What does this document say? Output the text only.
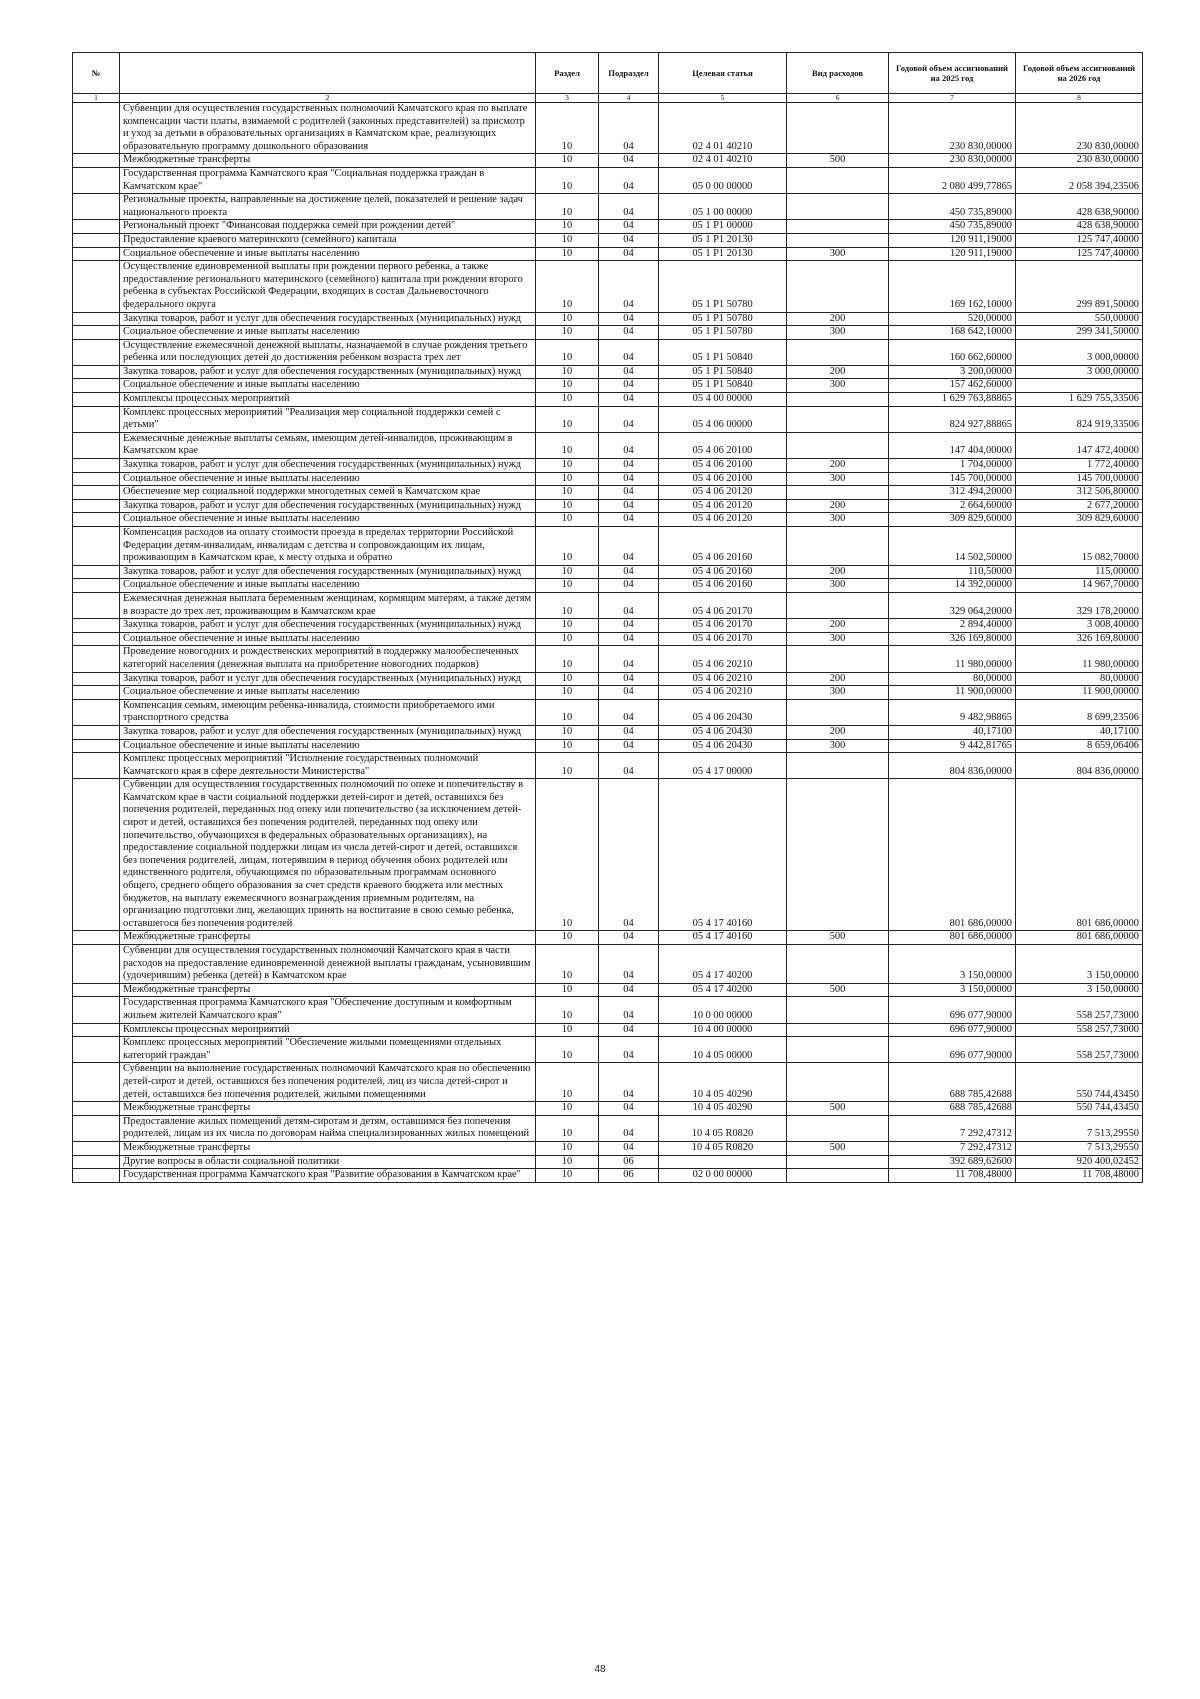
№		Раздел	Подраздел	Целевая статья	Вид расходов	Годовой объем ассигнований на 2025 год	Годовой объем ассигнований на 2026 год
1	2	3	4	5	6	7	8
	Субвенции для осуществления государственных полномочий Камчатского края по выплате компенсации части платы, взимаемой с родителей (законных представителей) за присмотр и уход за детьми в образовательных организациях в Камчатском крае, реализующих образовательную программу дошкольного образования	10	04	02 4 01 40210		230 830,00000	230 830,00000
	Межбюджетные трансферты	10	04	02 4 01 40210	500	230 830,00000	230 830,00000
	Государственная программа Камчатского края "Социальная поддержка граждан в Камчатском крае"	10	04	05 0 00 00000		2 080 499,77865	2 058 394,23506
	Региональные проекты, направленные на достижение целей, показателей и решение задач национального проекта	10	04	05 1 00 00000		450 735,89000	428 638,90000
	Региональный проект "Финансовая поддержка семей при рождении детей"	10	04	05 1 P1 00000		450 735,89000	428 638,90000
	Предоставление краевого материнского (семейного) капитала	10	04	05 1 P1 20130		120 911,19000	125 747,40000
	Социальное обеспечение и иные выплаты населению	10	04	05 1 P1 20130	300	120 911,19000	125 747,40000
	Осуществление единовременной выплаты при рождении первого ребенка, а также предоставление регионального материнского (семейного) капитала при рождении второго ребенка в субъектах Российской Федерации, входящих в состав Дальневосточного федерального округа	10	04	05 1 P1 50780		169 162,10000	299 891,50000
	Закупка товаров, работ и услуг для обеспечения государственных (муниципальных) нужд	10	04	05 1 P1 50780	200	520,00000	550,00000
	Социальное обеспечение и иные выплаты населению	10	04	05 1 P1 50780	300	168 642,10000	299 341,50000
	Осуществление ежемесячной денежной выплаты, назначаемой в случае рождения третьего ребенка или последующих детей до достижения ребенком возраста трех лет	10	04	05 1 P1 50840		160 662,60000	3 000,00000
	Закупка товаров, работ и услуг для обеспечения государственных (муниципальных) нужд	10	04	05 1 P1 50840	200	3 200,00000	3 000,00000
	Социальное обеспечение и иные выплаты населению	10	04	05 1 P1 50840	300	157 462,60000	
	Комплексы процессных мероприятий	10	04	05 4 00 00000		1 629 763,88865	1 629 755,33506
	Комплекс процессных мероприятий "Реализация мер социальной поддержки семей с детьми"	10	04	05 4 06 00000		824 927,88865	824 919,33506
	Ежемесячные денежные выплаты семьям, имеющим детей-инвалидов, проживающим в Камчатском крае	10	04	05 4 06 20100		147 404,00000	147 472,40000
	Закупка товаров, работ и услуг для обеспечения государственных (муниципальных) нужд	10	04	05 4 06 20100	200	1 704,00000	1 772,40000
	Социальное обеспечение и иные выплаты населению	10	04	05 4 06 20100	300	145 700,00000	145 700,00000
	Обеспечение мер социальной поддержки многодетных семей в Камчатском крае	10	04	05 4 06 20120		312 494,20000	312 506,80000
	Закупка товаров, работ и услуг для обеспечения государственных (муниципальных) нужд	10	04	05 4 06 20120	200	2 664,60000	2 677,20000
	Социальное обеспечение и иные выплаты населению	10	04	05 4 06 20120	300	309 829,60000	309 829,60000
	Компенсация расходов на оплату стоимости проезда в пределах территории Российской Федерации детям-инвалидам, инвалидам с детства и сопровождающим их лицам, проживающим в Камчатском крае, к месту отдыха и обратно	10	04	05 4 06 20160		14 502,50000	15 082,70000
	Закупка товаров, работ и услуг для обеспечения государственных (муниципальных) нужд	10	04	05 4 06 20160	200	110,50000	115,00000
	Социальное обеспечение и иные выплаты населению	10	04	05 4 06 20160	300	14 392,00000	14 967,70000
	Ежемесячная денежная выплата беременным женщинам, кормящим матерям, а также детям в возрасте до трех лет, проживающим в Камчатском крае	10	04	05 4 06 20170		329 064,20000	329 178,20000
	Закупка товаров, работ и услуг для обеспечения государственных (муниципальных) нужд	10	04	05 4 06 20170	200	2 894,40000	3 008,40000
	Социальное обеспечение и иные выплаты населению	10	04	05 4 06 20170	300	326 169,80000	326 169,80000
	Проведение новогодних и рождественских мероприятий в поддержку малообеспеченных категорий населения (денежная выплата на приобретение новогодних подарков)	10	04	05 4 06 20210		11 980,00000	11 980,00000
	Закупка товаров, работ и услуг для обеспечения государственных (муниципальных) нужд	10	04	05 4 06 20210	200	80,00000	80,00000
	Социальное обеспечение и иные выплаты населению	10	04	05 4 06 20210	300	11 900,00000	11 900,00000
	Компенсация семьям, имеющим ребенка-инвалида, стоимости приобретаемого ими транспортного средства	10	04	05 4 06 20430		9 482,98865	8 699,23506
	Закупка товаров, работ и услуг для обеспечения государственных (муниципальных) нужд	10	04	05 4 06 20430	200	40,17100	40,17100
	Социальное обеспечение и иные выплаты населению	10	04	05 4 06 20430	300	9 442,81765	8 659,06406
	Комплекс процессных мероприятий "Исполнение государственных полномочий Камчатского края в сфере деятельности Министерства"	10	04	05 4 17 00000		804 836,00000	804 836,00000
	Субвенции для осуществления государственных полномочий по опеке и попечительству в Камчатском крае в части социальной поддержки детей-сирот и детей, оставшихся без попечения родителей, переданных под опеку или попечительство (за исключением детей-сирот и детей, оставшихся без попечения родителей, переданных под опеку или попечительство, обучающихся в федеральных образовательных организациях), на предоставление социальной поддержки лицам из числа детей-сирот и детей, оставшихся без попечения родителей, лицам, потерявшим в период обучения обоих родителей или единственного родителя, обучающимся по образовательным программам основного общего, среднего общего образования за счет средств краевого бюджета или местных бюджетов, на выплату ежемесячного вознаграждения приемным родителям, на организацию подготовки лиц, желающих принять на воспитание в свою семью ребенка, оставшегося без попечения родителей	10	04	05 4 17 40160		801 686,00000	801 686,00000
	Межбюджетные трансферты	10	04	05 4 17 40160	500	801 686,00000	801 686,00000
	Субвенции для осуществления государственных полномочий Камчатского края в части расходов на предоставление единовременной денежной выплаты гражданам, усыновившим (удочерившим) ребенка (детей) в Камчатском крае	10	04	05 4 17 40200		3 150,00000	3 150,00000
	Межбюджетные трансферты	10	04	05 4 17 40200	500	3 150,00000	3 150,00000
	Государственная программа Камчатского края "Обеспечение доступным и комфортным жильем жителей Камчатского края"	10	04	10 0 00 00000		696 077,90000	558 257,73000
	Комплексы процессных мероприятий	10	04	10 4 00 00000		696 077,90000	558 257,73000
	Комплекс процессных мероприятий "Обеспечение жилыми помещениями отдельных категорий граждан"	10	04	10 4 05 00000		696 077,90000	558 257,73000
	Субвенции на выполнение государственных полномочий Камчатского края по обеспечению детей-сирот и детей, оставшихся без попечения родителей, лиц из числа детей-сирот и детей, оставшихся без попечения родителей, жилыми помещениями	10	04	10 4 05 40290		688 785,42688	550 744,43450
	Межбюджетные трансферты	10	04	10 4 05 40290	500	688 785,42688	550 744,43450
	Предоставление жилых помещений детям-сиротам и детям, оставшимся без попечения родителей, лицам из их числа по договорам найма специализированных жилых помещений	10	04	10 4 05 R0820		7 292,47312	7 513,29550
	Межбюджетные трансферты	10	04	10 4 05 R0820	500	7 292,47312	7 513,29550
	Другие вопросы в области социальной политики	10	06			392 689,62600	920 400,02452
	Государственная программа Камчатского края "Развитие образования в Камчатском крае"	10	06	02 0 00 00000		11 708,48000	11 708,48000
48
